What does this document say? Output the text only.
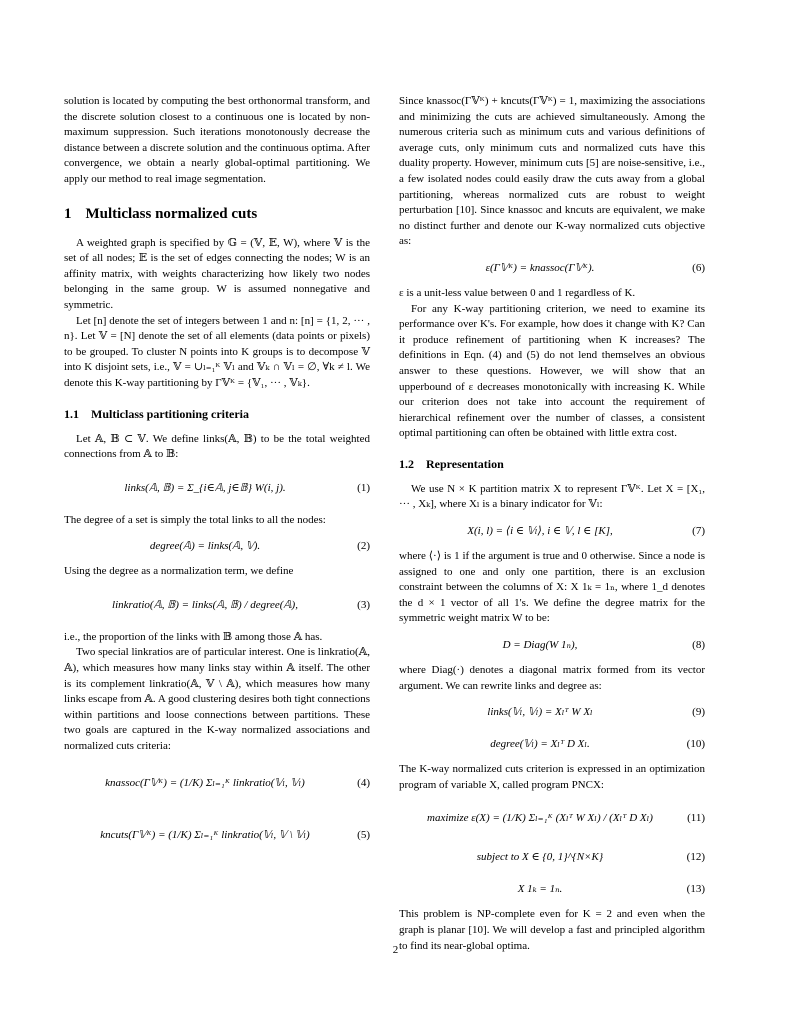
solution is located by computing the best orthonormal transform, and the discrete solution closest to a continuous one is located by non-maximum suppression. Such iterations monotonously decrease the distance between a discrete solution and the continuous optima. After convergence, we obtain a nearly global-optimal partitioning. We apply our method to real image segmentation.

1 Multiclass normalized cuts

A weighted graph is specified by 𝔾 = (𝕍, 𝔼, W), where 𝕍 is the set of all nodes; 𝔼 is the set of edges connecting the nodes; W is an affinity matrix, with weights characterizing how likely two nodes belonging in the same group. W is assumed nonnegative and symmetric.

Let [n] denote the set of integers between 1 and n: [n] = {1, 2, ··· , n}. Let 𝕍 = [N] denote the set of all elements (data points or pixels) to be grouped. To cluster N points into K groups is to decompose 𝕍 into K disjoint sets, i.e., 𝕍 = ∪ₗ₌₁ᴷ 𝕍ₗ and 𝕍ₖ ∩ 𝕍ₗ = ∅, ∀k ≠ l. We denote this K-way partitioning by Γ𝕍ᴷ = {𝕍₁, ··· , 𝕍ₖ}.

1.1 Multiclass partitioning criteria

Let 𝔸, 𝔹 ⊂ 𝕍. We define links(𝔸, 𝔹) to be the total weighted connections from 𝔸 to 𝔹:

links(𝔸, 𝔹) = Σ_{i∈𝔸, j∈𝔹} W(i, j).	(1)

The degree of a set is simply the total links to all the nodes:

degree(𝔸) = links(𝔸, 𝕍).	(2)

Using the degree as a normalization term, we define

linkratio(𝔸, 𝔹) = links(𝔸, 𝔹) / degree(𝔸),	(3)

i.e., the proportion of the links with 𝔹 among those 𝔸 has.

Two special linkratios are of particular interest. One is linkratio(𝔸, 𝔸), which measures how many links stay within 𝔸 itself. The other is its complement linkratio(𝔸, 𝕍 \ 𝔸), which measures how many links escape from 𝔸. A good clustering desires both tight connections within partitions and loose connections between partitions. These two goals are captured in the K-way normalized associations and normalized cuts criteria:

knassoc(Γ𝕍ᴷ) = (1/K) Σₗ₌₁ᴷ linkratio(𝕍ₗ, 𝕍ₗ)	(4)
kncuts(Γ𝕍ᴷ) = (1/K) Σₗ₌₁ᴷ linkratio(𝕍ₗ, 𝕍 \ 𝕍ₗ)	(5)

Since knassoc(Γ𝕍ᴷ) + kncuts(Γ𝕍ᴷ) = 1, maximizing the associations and minimizing the cuts are achieved simultaneously. Among the numerous criteria such as minimum cuts and various definitions of average cuts, only minimum cuts and normalized cuts have this duality property. However, minimum cuts [5] are noise-sensitive, i.e., a few isolated nodes could easily draw the cuts away from a global partitioning, whereas normalized cuts are robust to weight perturbation [10]. Since knassoc and kncuts are equivalent, we make no distinct further and denote our K-way normalized cuts objective as:

ε(Γ𝕍ᴷ) = knassoc(Γ𝕍ᴷ).	(6)

ε is a unit-less value between 0 and 1 regardless of K.

For any K-way partitioning criterion, we need to examine its performance over K's. For example, how does it change with K? Can it produce refinement of partitioning when K increases? The definitions in Eqn. (4) and (5) do not lend themselves an obvious answer to these questions. However, we will show that an upperbound of ε decreases monotonically with increasing K. While our criterion does not take into account the requirement of hierarchical refinement over the number of classes, a consistent optimal partitioning can often be obtained with little extra cost.

1.2 Representation

We use N × K partition matrix X to represent Γ𝕍ᴷ. Let X = [X₁, ··· , Xₖ], where Xₗ is a binary indicator for 𝕍ₗ:

X(i, l) = ⟨i ∈ 𝕍ₗ⟩, i ∈ 𝕍, l ∈ [K],	(7)

where ⟨·⟩ is 1 if the argument is true and 0 otherwise. Since a node is assigned to one and only one partition, there is an exclusion constraint between the columns of X: X 1ₖ = 1ₙ, where 1_d denotes the d × 1 vector of all 1's. We define the degree matrix for the symmetric weight matrix W to be:

D = Diag(W 1ₙ),	(8)

where Diag(·) denotes a diagonal matrix formed from its vector argument. We can rewrite links and degree as:

links(𝕍ₗ, 𝕍ₗ) = Xₗᵀ W Xₗ	(9)
degree(𝕍ₗ) = Xₗᵀ D Xₗ.	(10)

The K-way normalized cuts criterion is expressed in an optimization program of variable X, called program PNCX:

maximize ε(X) = (1/K) Σₗ₌₁ᴷ (Xₗᵀ W Xₗ) / (Xₗᵀ D Xₗ)	(11)
subject to X ∈ {0, 1}^{N×K}	(12)
X 1ₖ = 1ₙ.	(13)

This problem is NP-complete even for K = 2 and even when the graph is planar [10]. We will develop a fast and principled algorithm to find its near-global optima.

2
